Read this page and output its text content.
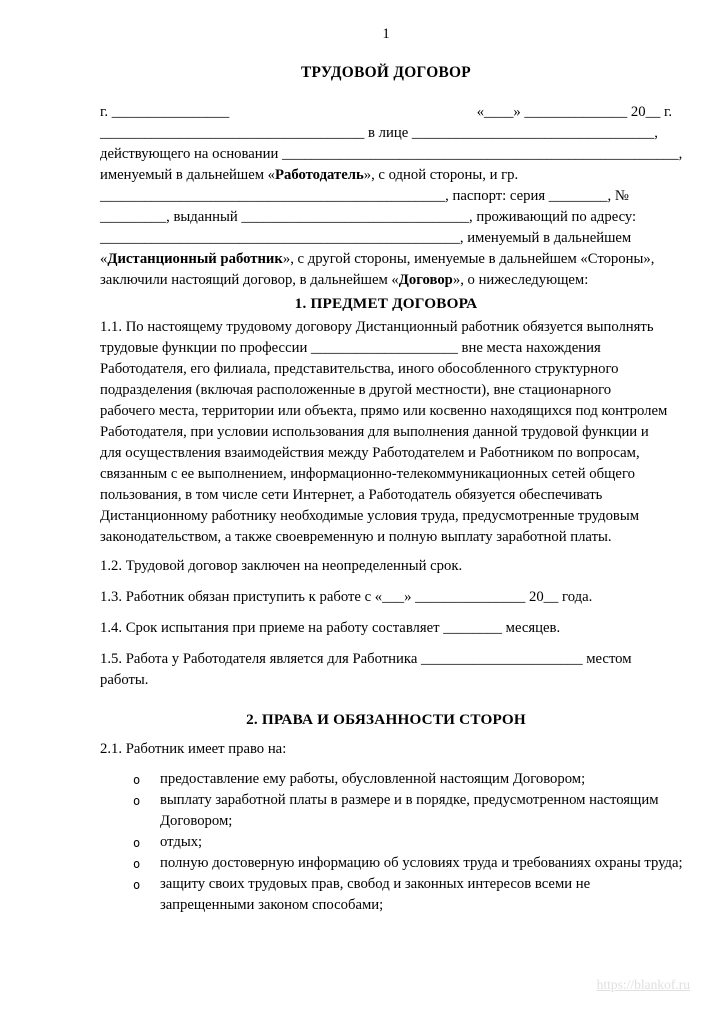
1
ТРУДОВОЙ ДОГОВОР
г. ________________	«____» ______________ 20__ г.
____________________________________ в лице _________________________________,
действующего на основании ______________________________________________________,
именуемый в дальнейшем «Работодатель», с одной стороны, и гр.
_______________________________________________, паспорт: серия ________, №
_________, выданный _______________________________, проживающий по адресу:
_________________________________________________, именуемый в дальнейшем
«Дистанционный работник», с другой стороны, именуемые в дальнейшем «Стороны»,
заключили настоящий договор, в дальнейшем «Договор», о нижеследующем:
1. ПРЕДМЕТ ДОГОВОРА
1.1. По настоящему трудовому договору Дистанционный работник обязуется выполнять
трудовые функции по профессии ____________________ вне места нахождения
Работодателя, его филиала, представительства, иного обособленного структурного
подразделения (включая расположенные в другой местности), вне стационарного
рабочего места, территории или объекта, прямо или косвенно находящихся под контролем
Работодателя, при условии использования для выполнения данной трудовой функции и
для осуществления взаимодействия между Работодателем и Работником по вопросам,
связанным с ее выполнением, информационно-телекоммуникационных сетей общего
пользования, в том числе сети Интернет, а Работодатель обязуется обеспечивать
Дистанционному работнику необходимые условия труда, предусмотренные трудовым
законодательством, а также своевременную и полную выплату заработной платы.
1.2. Трудовой договор заключен на неопределенный срок.
1.3. Работник обязан приступить к работе с «___» _______________ 20__ года.
1.4. Срок испытания при приеме на работу составляет ________ месяцев.
1.5. Работа у Работодателя является для Работника ______________________ местом
работы.
2. ПРАВА И ОБЯЗАННОСТИ СТОРОН
2.1. Работник имеет право на:
o предоставление ему работы, обусловленной настоящим Договором;
o выплату заработной платы в размере и в порядке, предусмотренном настоящим
Договором;
o отдых;
o полную достоверную информацию об условиях труда и требованиях охраны труда;
o защиту своих трудовых прав, свобод и законных интересов всеми не
запрещенными законом способами;
https://blankof.ru
